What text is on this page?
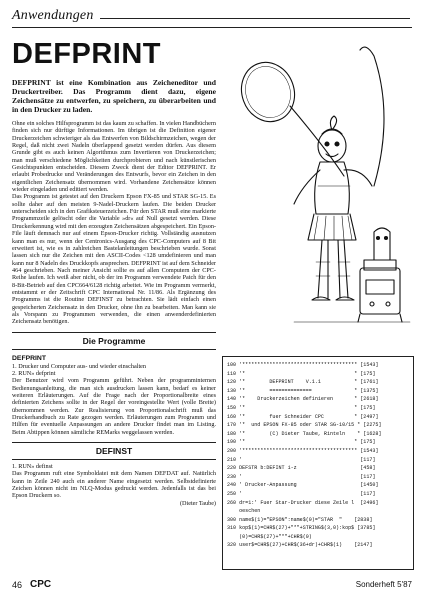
Anwendungen
DEFPRINT

DEFPRINT ist eine Kombination aus Zeicheneditor und Druckertreiber. Das Programm dient dazu, eigene Zeichensätze zu entwerfen, zu speichern, zu überarbeiten und in den Drucker zu laden.

Ohne ein solches Hilfsprogramm ist das kaum zu schaffen. In vielen Handbüchern finden sich nur dürftige Informationen. Im übrigen ist die Definition eigener Druckerzeichen schwieriger als das Entwerfen von Bildschirmzeichen, wegen der Regel, daß nicht zwei Nadeln überlappend gesetzt werden dürfen. Aus diesem Grunde gibt es auch keinen Algorithmus zum Invertieren von Druckerzeichen; man muß verschiedene Möglichkeiten durchprobieren und nach künstlerischen Gesichtspunkten entscheiden. Diesem Zweck dient der Editor DEFPRINT. Er erlaubt Probedrucke und Veränderungen des Entwurfs, bevor ein Zeichen in den eigentlichen Zeichensatz übernommen wird. Vorhandene Zeichensätze können wieder eingeladen und editiert werden.

Das Programm ist getestet auf den Druckern Epson FX-85 und STAR SG-15. Es sollte daher auf den meisten 9-Nadel-Druckern laufen. Die beiden Drucker unterscheiden sich in den Grafiksteuerzeichen. Für den STAR muß eine markierte Programmzeile gelöscht oder die Variable »dr« auf Null gesetzt werden. Diese Druckerkennung wird mit den erzeugten Zeichensätzen abgespeichert. Ein Epson-File läuft demnach nur auf einem Epson-Drucker richtig. Vollständig ausnutzen kann man es nur, wenn der Centronics-Ausgang des CPC-Computers auf 8 Bit erweitert ist, wie es in zahlreichen Bastelanleitungen beschrieben wurde. Sonst lassen sich nur die Zeichen mit den ASCII-Codes <128 umdefinieren und man kann nur 8 Nadeln des Druckkopfs ansprechen. DEFPRINT ist auf dem Schneider 464 geschrieben. Nach meiner Ansicht sollte es auf allen Computern der CPC-Reihe laufen. Ich weiß aber nicht, ob der im Programm verwendete Patch für den 8-Bit-Betrieb auf den CPC664/6128 richtig arbeitet. Wie im Programm vermerkt, entstammt er der Zeitschrift CPC International Nr. 11/86. Als Ergänzung des Programms ist die Routine DEFINST zu betrachten. Sie lädt einfach einen gespeicherten Zeichensatz in den Drucker, ohne ihn zu bearbeiten. Man kann sie als Vorspann zu Programmen verwenden, die einen anwenderdefinierten Zeichensatz benötigen.

Die Programme
DEFPRINT

1. Drucker und Computer aus- und wieder einschalten

2. RUN» defprint

Der Benutzer wird vom Programm geführt. Neben der programminternen Bedienungsanleitung, die man sich ausdrucken lassen kann, bedarf es keiner weiteren Erläuterungen. Auf die Frage nach der Proportionalbreite eines definierten Zeichens sollte in der Regel der voreingestellte Wert (volle Breite) übernommen werden. Zur Realisierung von Proportionalschrift muß das Druckerhandbuch zu Rate gezogen werden. Erläuterungen zum Programm und Hilfen für eventuelle Anpassungen an andere Drucker findet man im Listing. Beim Abtippen können sämtliche REMarks weggelassen werden.

DEFINST

1. RUN» definst

Das Programm ruft eine Symboldatei mit dem Namen DEFDAT auf. Natürlich kann in Zeile 240 auch ein anderer Name eingesetzt werden. Selbstdefinierte Zeichen können nicht im NLQ-Modus gedruckt werden. Jedenfalls ist das bei Epson Druckern so.

(Dieter Taube)

100 '************************************** [1543]
110 '*                                    * [175]
120 '*        DEFPRINT    V.1.1           * [1761]
130 '*        ==============              * [1375]
140 '*    Druckerzeichen definieren       * [2618]
150 '*                                    * [175]
160 '*        fuer Schneider CPC          * [2497]
170 '*  und EPSON FX-85 oder STAR SG-10/15 * [2275]
180 '*        (C) Dieter Taube, Rinteln    * [1628]
190 '*                                    * [175]
200 '************************************** [1543]
210 '                                       [117]
220 DEFSTR b:DEFINT i-z                     [458]
230 '                                       [117]
240 ' Drucker-Anpassung                     [1450]
250 '                                       [117]
260 dr=1:' Fuer Star-Drucker diese Zeile l  [2496]
oeschen
300 name$(1)="EPSON":name$(0)="STAR  "    [2838]
310 kop$(1)=CHR$(27)+"*"+STRING$(3,0):kop$ [3785]
(0)=CHR$(27)+"*"+CHR$(0)
320 user$=CHR$(27)+CHR$(36+dr)+CHR$(1)    [2147]
46 CPC	Sonderheft 5'87
